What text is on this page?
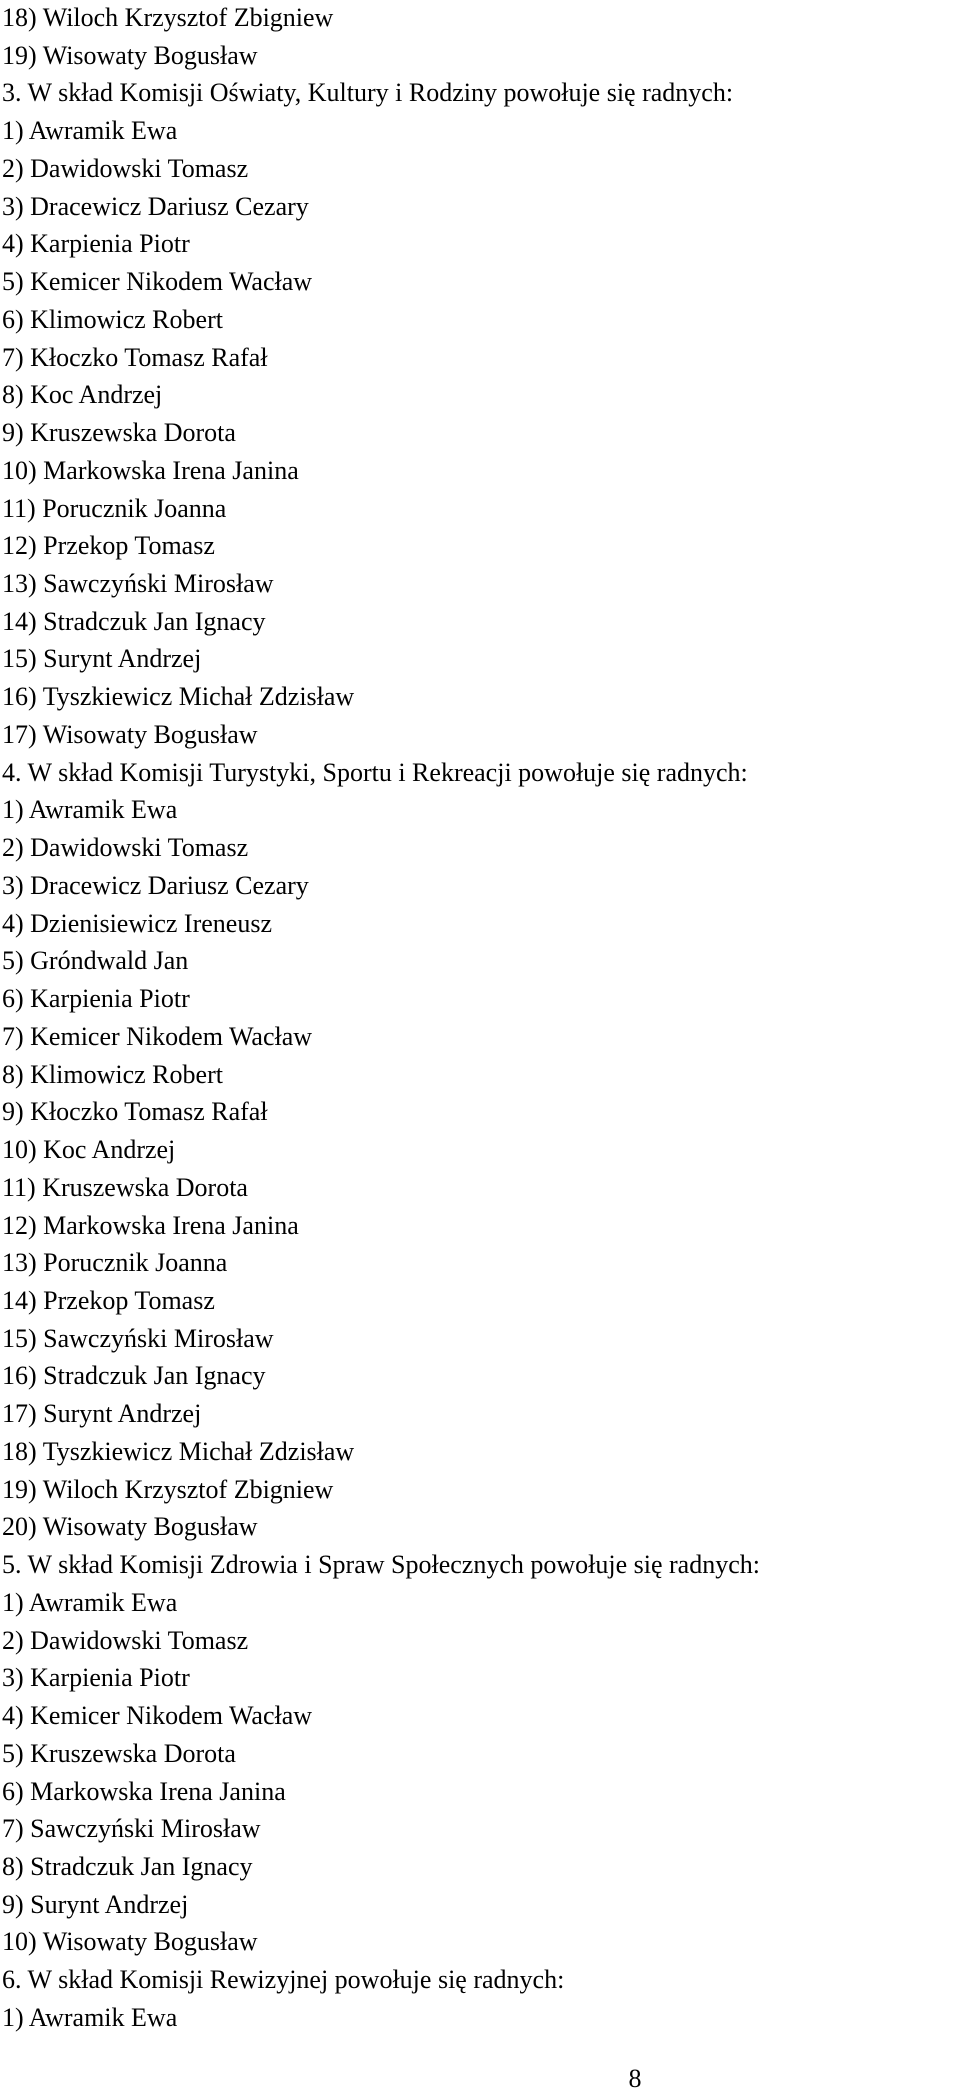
18) Wiloch Krzysztof Zbigniew
19) Wisowaty Bogusław
3. W skład Komisji Oświaty, Kultury i Rodziny powołuje się radnych:
1) Awramik Ewa
2) Dawidowski Tomasz
3) Dracewicz Dariusz Cezary
4) Karpienia Piotr
5) Kemicer Nikodem Wacław
6) Klimowicz Robert
7) Kłoczko Tomasz Rafał
8) Koc Andrzej
9) Kruszewska Dorota
10) Markowska Irena Janina
11) Porucznik Joanna
12) Przekop Tomasz
13) Sawczyński Mirosław
14) Stradczuk Jan Ignacy
15) Surynt Andrzej
16) Tyszkiewicz Michał Zdzisław
17) Wisowaty Bogusław
4. W skład Komisji Turystyki, Sportu i Rekreacji powołuje się radnych:
1) Awramik Ewa
2) Dawidowski Tomasz
3) Dracewicz Dariusz Cezary
4) Dzienisiewicz Ireneusz
5) Gróndwald Jan
6) Karpienia Piotr
7) Kemicer Nikodem Wacław
8) Klimowicz Robert
9) Kłoczko Tomasz Rafał
10) Koc Andrzej
11) Kruszewska Dorota
12) Markowska Irena Janina
13) Porucznik Joanna
14) Przekop Tomasz
15) Sawczyński Mirosław
16) Stradczuk Jan Ignacy
17) Surynt Andrzej
18) Tyszkiewicz Michał Zdzisław
19) Wiloch Krzysztof Zbigniew
20) Wisowaty Bogusław
5. W skład Komisji Zdrowia i Spraw Społecznych powołuje się radnych:
1) Awramik Ewa
2) Dawidowski Tomasz
3) Karpienia Piotr
4) Kemicer Nikodem Wacław
5) Kruszewska Dorota
6) Markowska Irena Janina
7) Sawczyński Mirosław
8) Stradczuk Jan Ignacy
9) Surynt Andrzej
10) Wisowaty Bogusław
6. W skład Komisji Rewizyjnej powołuje się radnych:
1) Awramik Ewa
8
